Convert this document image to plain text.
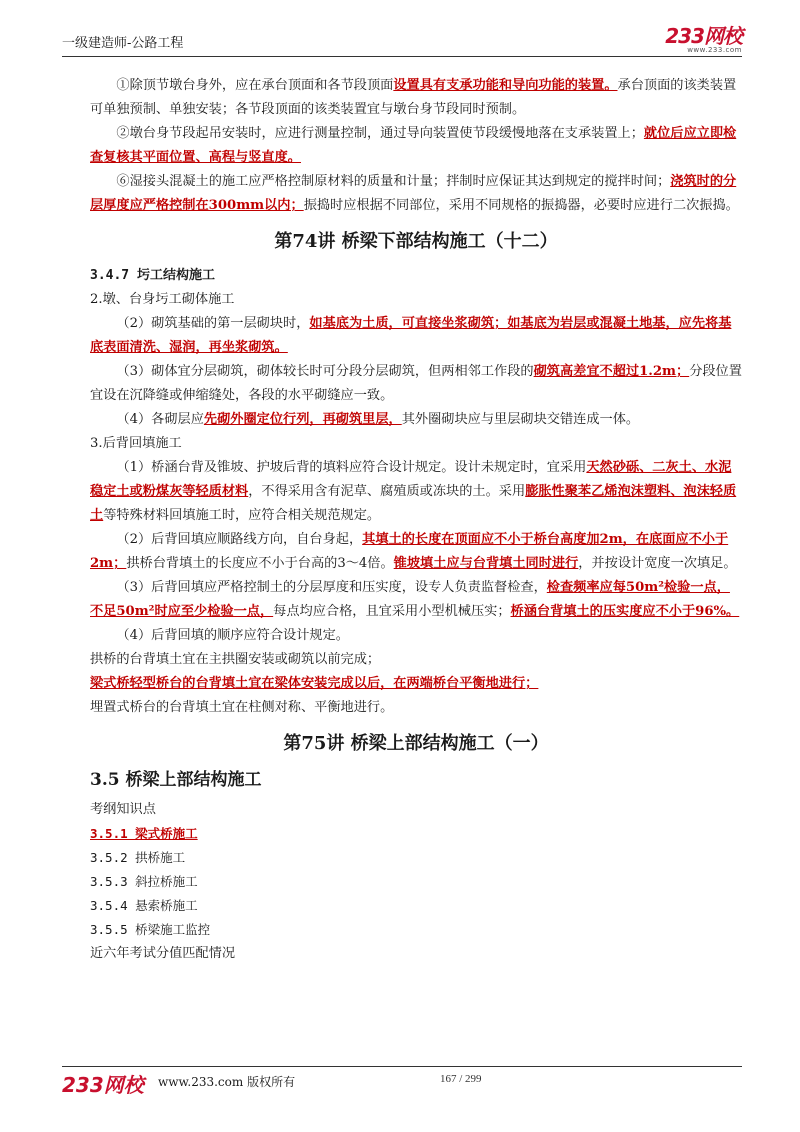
一级建造师-公路工程	233网校
www.233.com

①除顶节墩台身外，应在承台顶面和各节段顶面设置具有支承功能和导向功能的装置。承台顶面的该类装置可单独预制、单独安装；各节段顶面的该类装置宜与墩台身节段同时预制。

②墩台身节段起吊安装时，应进行测量控制，通过导向装置使节段缓慢地落在支承装置上；就位后应立即检查复核其平面位置、高程与竖直度。

⑥湿接头混凝土的施工应严格控制原材料的质量和计量；拌制时应保证其达到规定的搅拌时间；浇筑时的分层厚度应严格控制在300mm以内；振捣时应根据不同部位，采用不同规格的振捣器，必要时应进行二次振捣。

第74讲 桥梁下部结构施工（十二）

3.4.7 圬工结构施工

2.墩、台身圬工砌体施工

（2）砌筑基础的第一层砌块时，如基底为土质，可直接坐浆砌筑；如基底为岩层或混凝土地基，应先将基底表面清洗、湿润，再坐浆砌筑。

（3）砌体宜分层砌筑，砌体较长时可分段分层砌筑，但两相邻工作段的砌筑高差宜不超过1.2m；分段位置宜设在沉降缝或伸缩缝处，各段的水平砌缝应一致。

（4）各砌层应先砌外圈定位行列，再砌筑里层，其外圈砌块应与里层砌块交错连成一体。

3.后背回填施工

（1）桥涵台背及锥坡、护坡后背的填料应符合设计规定。设计未规定时，宜采用天然砂砾、二灰土、水泥稳定土或粉煤灰等轻质材料，不得采用含有泥草、腐殖质或冻块的土。采用膨胀性聚苯乙烯泡沫塑料、泡沫轻质土等特殊材料回填施工时，应符合相关规范规定。

（2）后背回填应顺路线方向，自台身起，其填土的长度在顶面应不小于桥台高度加2m，在底面应不小于2m；拱桥台背填土的长度应不小于台高的3～4倍。锥坡填土应与台背填土同时进行，并按设计宽度一次填足。

（3）后背回填应严格控制土的分层厚度和压实度，设专人负责监督检查，检查频率应每50m²检验一点，不足50m²时应至少检验一点，每点均应合格，且宜采用小型机械压实；桥涵台背填土的压实度应不小于96%。

（4）后背回填的顺序应符合设计规定。

拱桥的台背填土宜在主拱圈安装或砌筑以前完成；

梁式桥轻型桥台的台背填土宜在梁体安装完成以后，在两端桥台平衡地进行；

埋置式桥台的台背填土宜在柱侧对称、平衡地进行。

第75讲 桥梁上部结构施工（一）

3.5 桥梁上部结构施工

考纲知识点

3.5.1 梁式桥施工

3.5.2 拱桥施工

3.5.3 斜拉桥施工

3.5.4 悬索桥施工

3.5.5 桥梁施工监控

近六年考试分值匹配情况

233网校 www.233.com 版权所有	167 / 299
